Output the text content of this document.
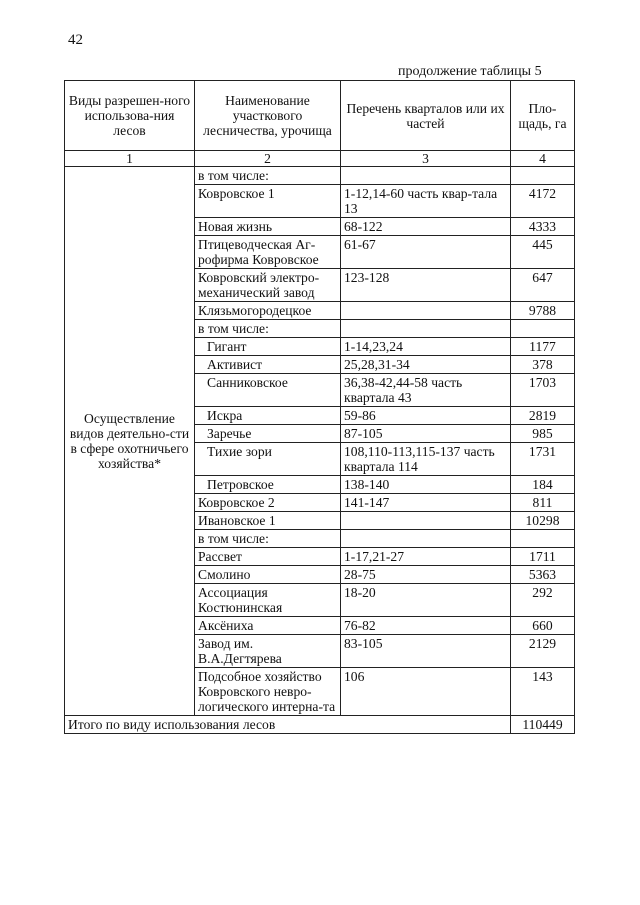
42
продолжение таблицы 5
Виды разрешен-ного использова-ния лесов	Наименование участкового лесничества, урочища	Перечень кварталов или их частей	Пло-щадь, га
1	2	3	4
Осуществление видов деятельно-сти в сфере охотничьего хозяйства*	в том числе:		
	Ковровское 1	1-12,14-60 часть квар-тала 13	4172
	Новая жизнь	68-122	4333
	Птицеводческая Аг-рофирма Ковровское	61-67	445
	Ковровский электро-механический завод	123-128	647
	Клязьмогородецкое		9788
	в том числе:		
	Гигант	1-14,23,24	1177
	Активист	25,28,31-34	378
	Санниковское	36,38-42,44-58 часть квартала 43	1703
	Искра	59-86	2819
	Заречье	87-105	985
	Тихие зори	108,110-113,115-137 часть квартала 114	1731
	Петровское	138-140	184
	Ковровское 2	141-147	811
	Ивановское 1		10298
	в том числе:		
	Рассвет	1-17,21-27	1711
	Смолино	28-75	5363
	Ассоциация Костюнинская	18-20	292
	Аксёниха	76-82	660
	Завод им. В.А.Дегтярева	83-105	2129
	Подсобное хозяйство Ковровского невро-логического интерна-та	106	143
Итого по виду использования лесов			110449
